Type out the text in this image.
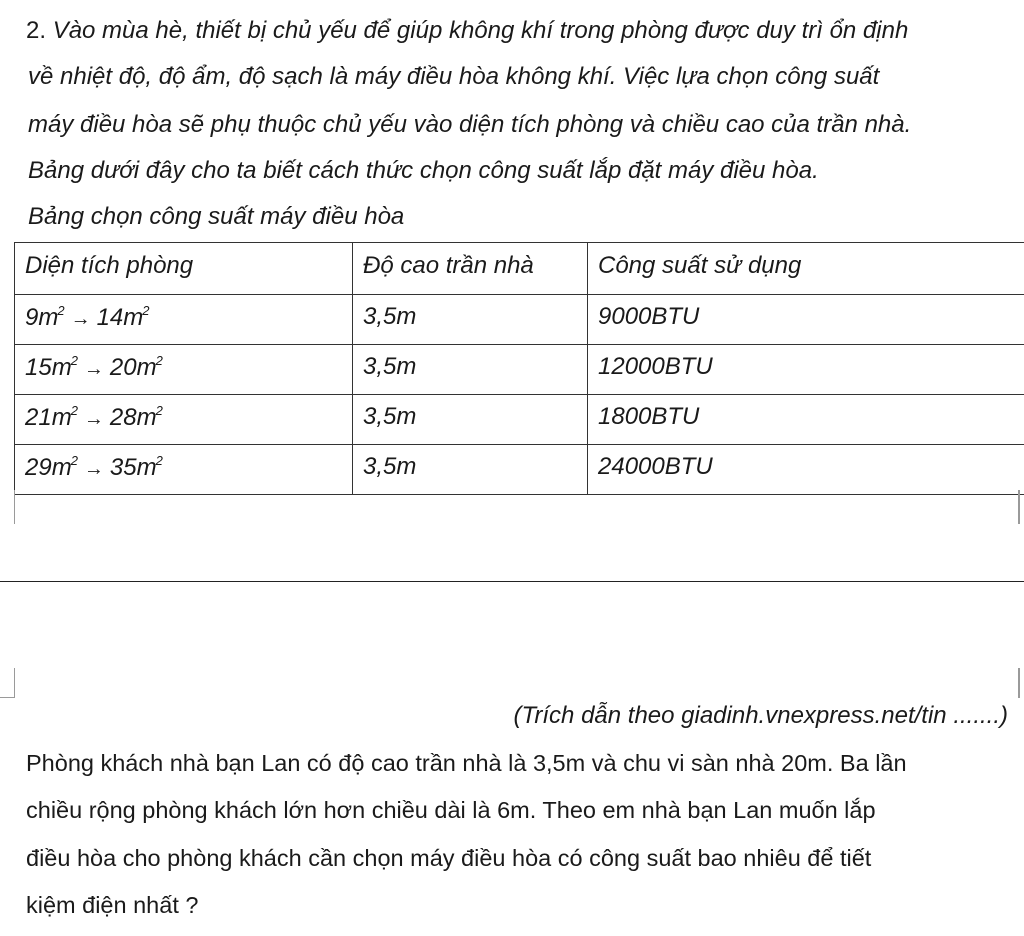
2. Vào mùa hè, thiết bị chủ yếu để giúp không khí trong phòng được duy trì ổn định
về nhiệt độ, độ ẩm, độ sạch là máy điều hòa không khí. Việc lựa chọn công suất
máy điều hòa sẽ phụ thuộc chủ yếu vào diện tích phòng và chiều cao của trần nhà.
Bảng dưới đây cho ta biết cách thức chọn công suất lắp đặt máy điều hòa.
Bảng chọn công suất máy điều hòa
Diện tích phòng	Độ cao trần nhà	Công suất sử dụng
$9m^2 \to 14m^2$	3,5m	9000BTU
$15m^2 \to 20m^2$	3,5m	12000BTU
$21m^2 \to 28m^2$	3,5m	1800BTU
$29m^2 \to 35m^2$	3,5m	24000BTU
(Trích dẫn theo giadinh.vnexpress.net/tin .......)
Phòng khách nhà bạn Lan có độ cao trần nhà là 3,5m và chu vi sàn nhà 20m. Ba lần
chiều rộng phòng khách lớn hơn chiều dài là 6m. Theo em nhà bạn Lan muốn lắp
điều hòa cho phòng khách cần chọn máy điều hòa có công suất bao nhiêu để tiết
kiệm điện nhất ?
